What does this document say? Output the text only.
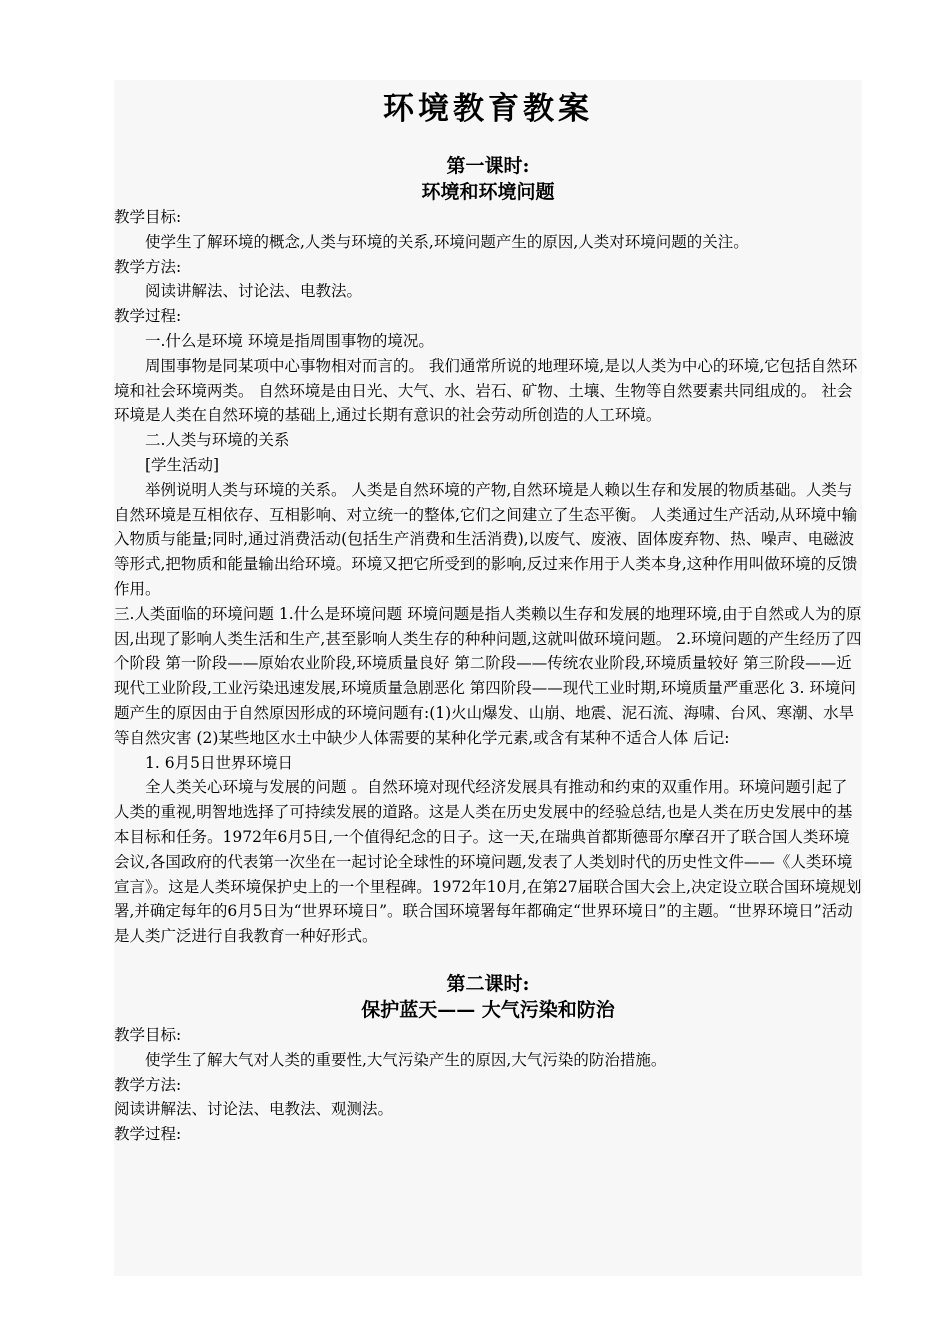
环境教育教案
第一课时:
环境和环境问题

教学目标:

使学生了解环境的概念,人类与环境的关系,环境问题产生的原因,人类对环境问题的关注。

教学方法:

阅读讲解法、讨论法、电教法。

教学过程:

一.什么是环境 环境是指周围事物的境况。

周围事物是同某项中心事物相对而言的。 我们通常所说的地理环境,是以人类为中心的环境,它包括自然环境和社会环境两类。 自然环境是由日光、大气、水、岩石、矿物、土壤、生物等自然要素共同组成的。 社会环境是人类在自然环境的基础上,通过长期有意识的社会劳动所创造的人工环境。

二.人类与环境的关系

[学生活动]

举例说明人类与环境的关系。 人类是自然环境的产物,自然环境是人赖以生存和发展的物质基础。人类与自然环境是互相依存、互相影响、对立统一的整体,它们之间建立了生态平衡。 人类通过生产活动,从环境中输入物质与能量;同时,通过消费活动(包括生产消费和生活消费),以废气、废液、固体废弃物、热、噪声、电磁波等形式,把物质和能量输出给环境。环境又把它所受到的影响,反过来作用于人类本身,这种作用叫做环境的反馈作用。

三.人类面临的环境问题 1.什么是环境问题 环境问题是指人类赖以生存和发展的地理环境,由于自然或人为的原因,出现了影响人类生活和生产,甚至影响人类生存的种种问题,这就叫做环境问题。 2.环境问题的产生经历了四个阶段 第一阶段——原始农业阶段,环境质量良好 第二阶段——传统农业阶段,环境质量较好 第三阶段——近现代工业阶段,工业污染迅速发展,环境质量急剧恶化 第四阶段——现代工业时期,环境质量严重恶化 3. 环境问题产生的原因由于自然原因形成的环境问题有:(1)火山爆发、山崩、地震、泥石流、海啸、台风、寒潮、水旱等自然灾害 (2)某些地区水土中缺少人体需要的某种化学元素,或含有某种不适合人体 后记:

1. 6月5日世界环境日

全人类关心环境与发展的问题 。自然环境对现代经济发展具有推动和约束的双重作用。环境问题引起了人类的重视,明智地选择了可持续发展的道路。这是人类在历史发展中的经验总结,也是人类在历史发展中的基本目标和任务。1972年6月5日,一个值得纪念的日子。这一天,在瑞典首都斯德哥尔摩召开了联合国人类环境会议,各国政府的代表第一次坐在一起讨论全球性的环境问题,发表了人类划时代的历史性文件——《人类环境宣言》。这是人类环境保护史上的一个里程碑。1972年10月,在第27届联合国大会上,决定设立联合国环境规划署,并确定每年的6月5日为“世界环境日”。联合国环境署每年都确定“世界环境日”的主题。“世界环境日”活动是人类广泛进行自我教育一种好形式。

第二课时:
保护蓝天—— 大气污染和防治

教学目标:

使学生了解大气对人类的重要性,大气污染产生的原因,大气污染的防治措施。

教学方法:

阅读讲解法、讨论法、电教法、观测法。

教学过程:
